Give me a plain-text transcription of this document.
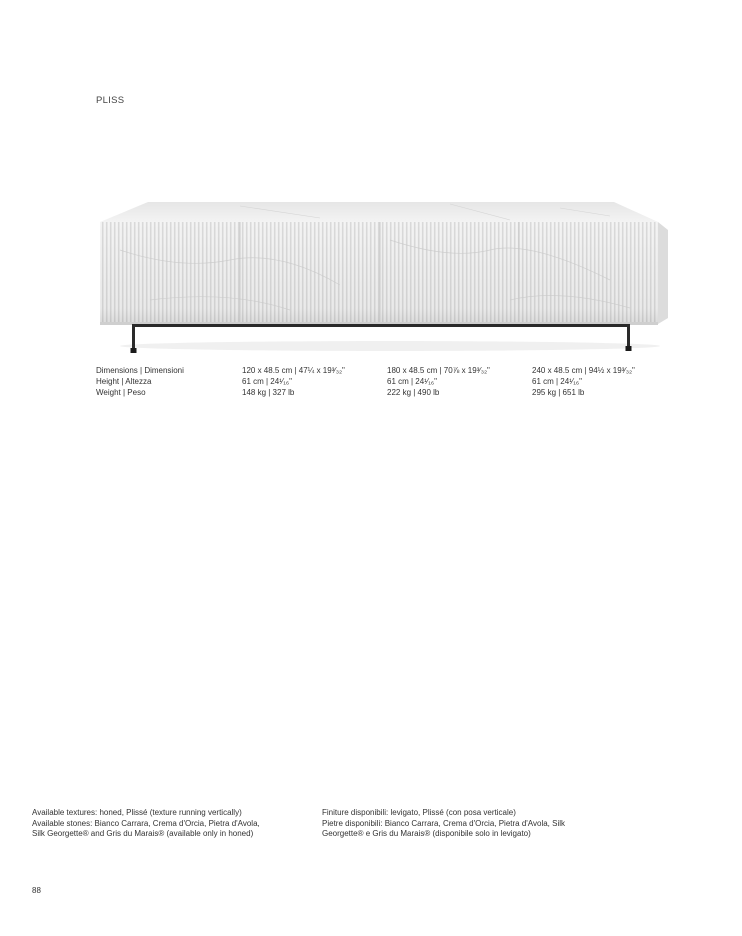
PLISS
Dimensions | Dimensioni
Height | Altezza
Weight | Peso
120 x 48.5 cm | 47¼ x 19³⁄₃₂"
61 cm | 24¹⁄₁₆"
148 kg | 327 lb
180 x 48.5 cm | 70⅞ x 19³⁄₃₂"
61 cm | 24¹⁄₁₆"
222 kg | 490 lb
240 x 48.5 cm | 94½ x 19³⁄₃₂"
61 cm | 24¹⁄₁₆"
295 kg | 651 lb
Available textures: honed, Plissé (texture running vertically)
Available stones: Bianco Carrara, Crema d'Orcia, Pietra d'Avola,
Silk Georgette® and Gris du Marais® (available only in honed)
Finiture disponibili: levigato, Plissé (con posa verticale)
Pietre disponibili: Bianco Carrara, Crema d'Orcia, Pietra d'Avola, Silk
Georgette® e Gris du Marais® (disponibile solo in levigato)
88
